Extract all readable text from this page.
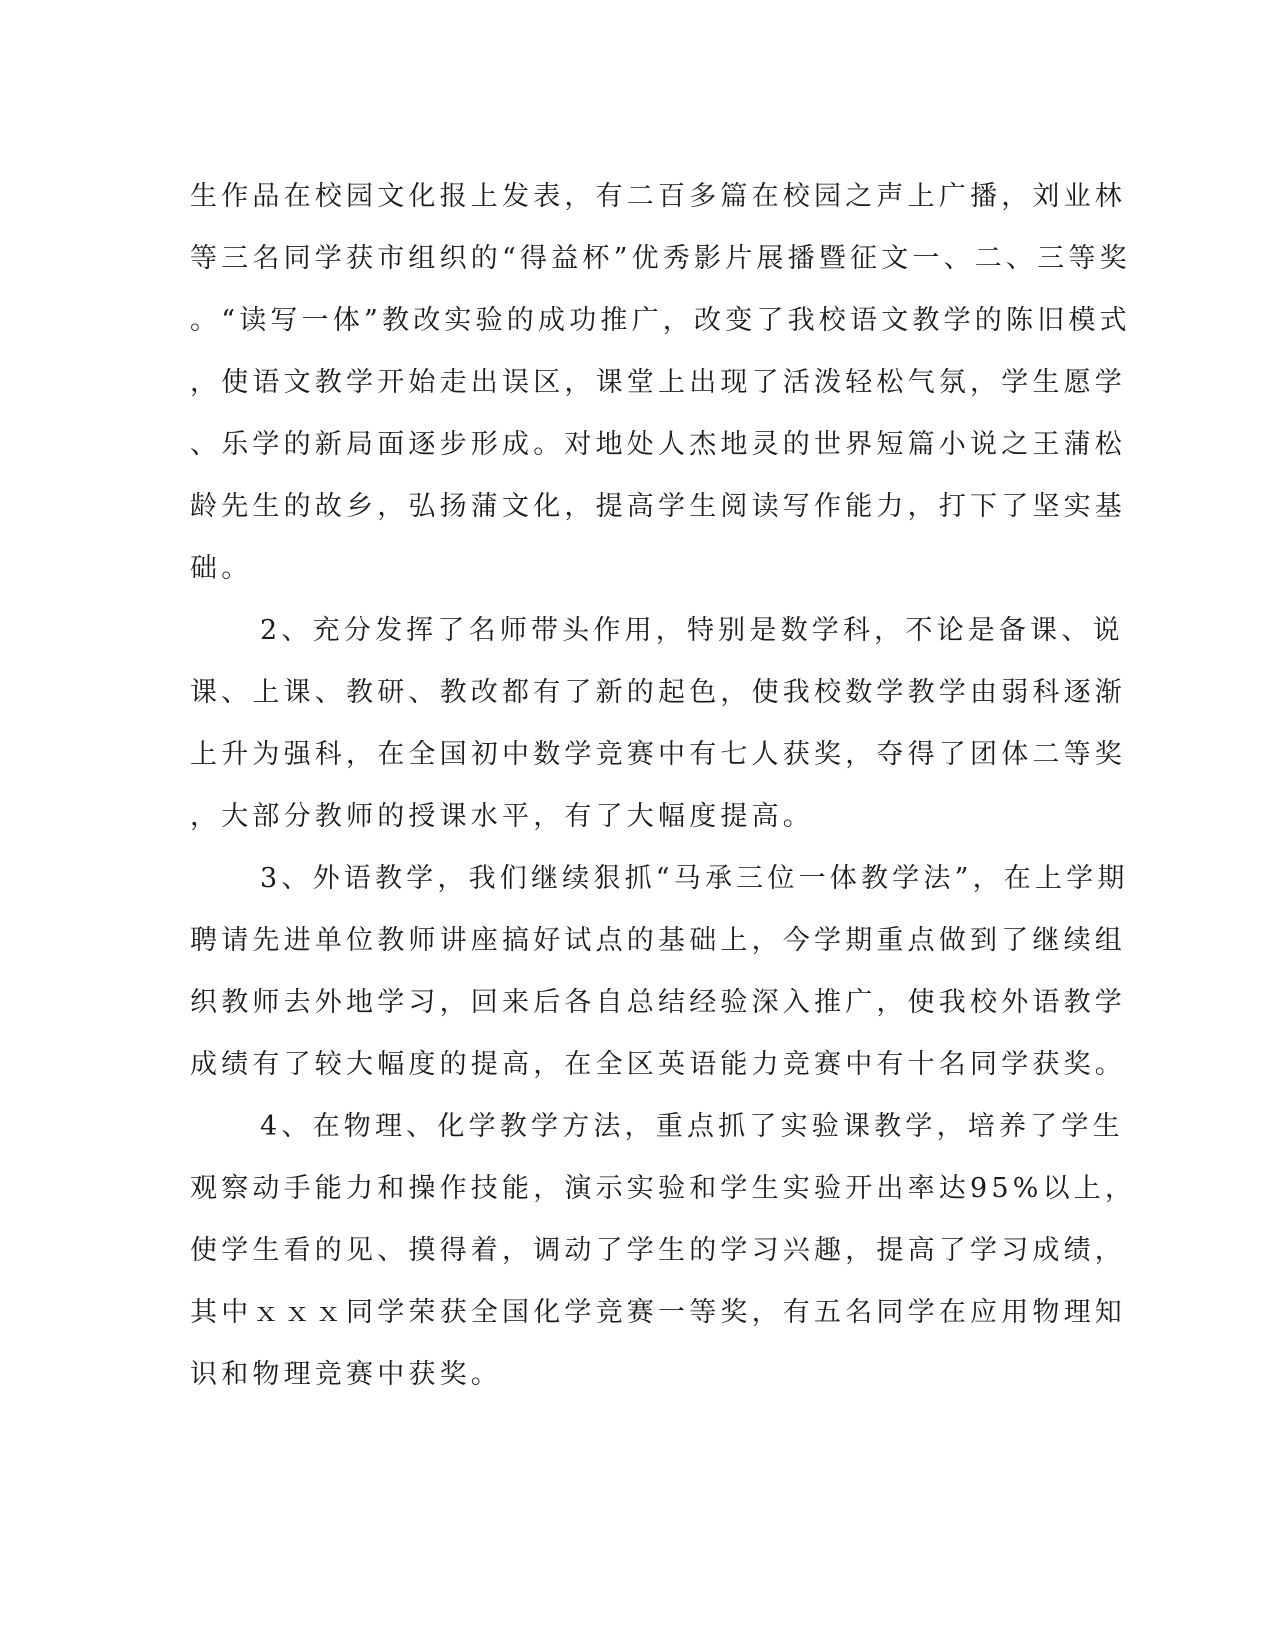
生作品在校园文化报上发表，有二百多篇在校园之声上广播，刘业林
等三名同学获市组织的“得益杯”优秀影片展播暨征文一、二、三等奖
。“读写一体”教改实验的成功推广，改变了我校语文教学的陈旧模式
，使语文教学开始走出误区，课堂上出现了活泼轻松气氛，学生愿学
、乐学的新局面逐步形成。对地处人杰地灵的世界短篇小说之王蒲松
龄先生的故乡，弘扬蒲文化，提高学生阅读写作能力，打下了坚实基
础。
2、充分发挥了名师带头作用，特别是数学科，不论是备课、说
课、上课、教研、教改都有了新的起色，使我校数学教学由弱科逐渐
上升为强科，在全国初中数学竞赛中有七人获奖，夺得了团体二等奖
，大部分教师的授课水平，有了大幅度提高。
3、外语教学，我们继续狠抓“马承三位一体教学法”，在上学期
聘请先进单位教师讲座搞好试点的基础上，今学期重点做到了继续组
织教师去外地学习，回来后各自总结经验深入推广，使我校外语教学
成绩有了较大幅度的提高，在全区英语能力竞赛中有十名同学获奖。
4、在物理、化学教学方法，重点抓了实验课教学，培养了学生
观察动手能力和操作技能，演示实验和学生实验开出率达95%以上，
使学生看的见、摸得着，调动了学生的学习兴趣，提高了学习成绩，
其中ｘｘｘ同学荣获全国化学竞赛一等奖，有五名同学在应用物理知
识和物理竞赛中获奖。
